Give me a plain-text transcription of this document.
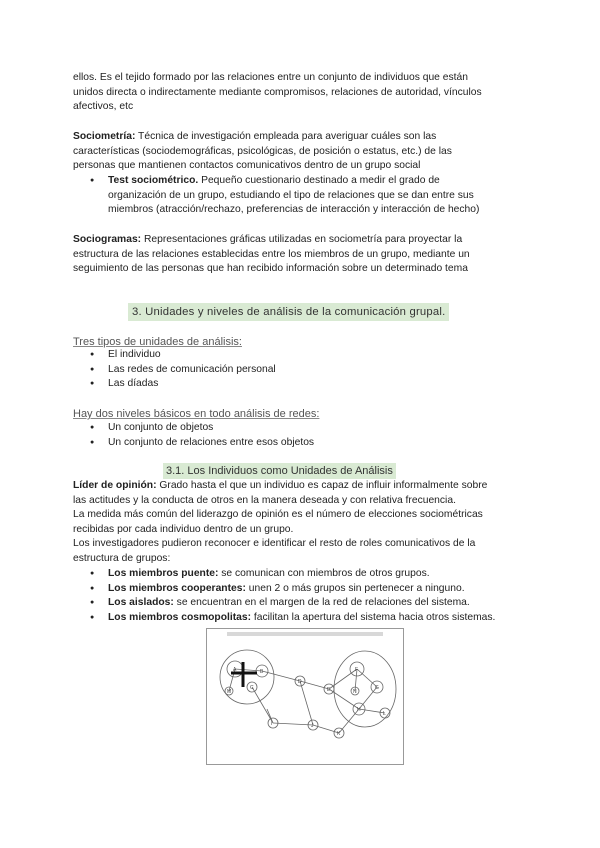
ellos. Es el tejido formado por las relaciones entre un conjunto de individuos que están

unidos directa o indirectamente mediante compromisos, relaciones de autoridad, vínculos

afectivos, etc

Sociometría: Técnica de investigación empleada para averiguar cuáles son las

características (sociodemográficas, psicológicas, de posición o estatus, etc.) de las

personas que mantienen contactos comunicativos dentro de un grupo social

● Test sociométrico. Pequeño cuestionario destinado a medir el grado de
organización de un grupo, estudiando el tipo de relaciones que se dan entre sus
miembros (atracción/rechazo, preferencias de interacción y interacción de hecho)

Sociogramas: Representaciones gráficas utilizadas en sociometría para proyectar la

estructura de las relaciones establecidas entre los miembros de un grupo, mediante un

seguimiento de las personas que han recibido información sobre un determinado tema

3. Unidades y niveles de análisis de la comunicación grupal.
Tres tipos de unidades de análisis:
● El individuo
● Las redes de comunicación personal
● Las díadas
Hay dos niveles básicos en todo análisis de redes:
● Un conjunto de objetos
● Un conjunto de relaciones entre esos objetos
3.1. Los Individuos como Unidades de Análisis

Líder de opinión: Grado hasta el que un individuo es capaz de influir informalmente sobre

las actitudes y la conducta de otros en la manera deseada y con relativa frecuencia.

La medida más común del liderazgo de opinión es el número de elecciones sociométricas

recibidas por cada individuo dentro de un grupo.

Los investigadores pudieron reconocer e identificar el resto de roles comunicativos de la

estructura de grupos:

● Los miembros puente: se comunican con miembros de otros grupos.
● Los miembros cooperantes: unen 2 o más grupos sin pertenecer a ninguno.
● Los aislados: se encuentran en el margen de la red de relaciones del sistema.
● Los miembros cosmopolitas: facilitan la apertura del sistema hacia otros sistemas.
A	B
C
D
E
F
G
H
I	J
K
L
M	N
